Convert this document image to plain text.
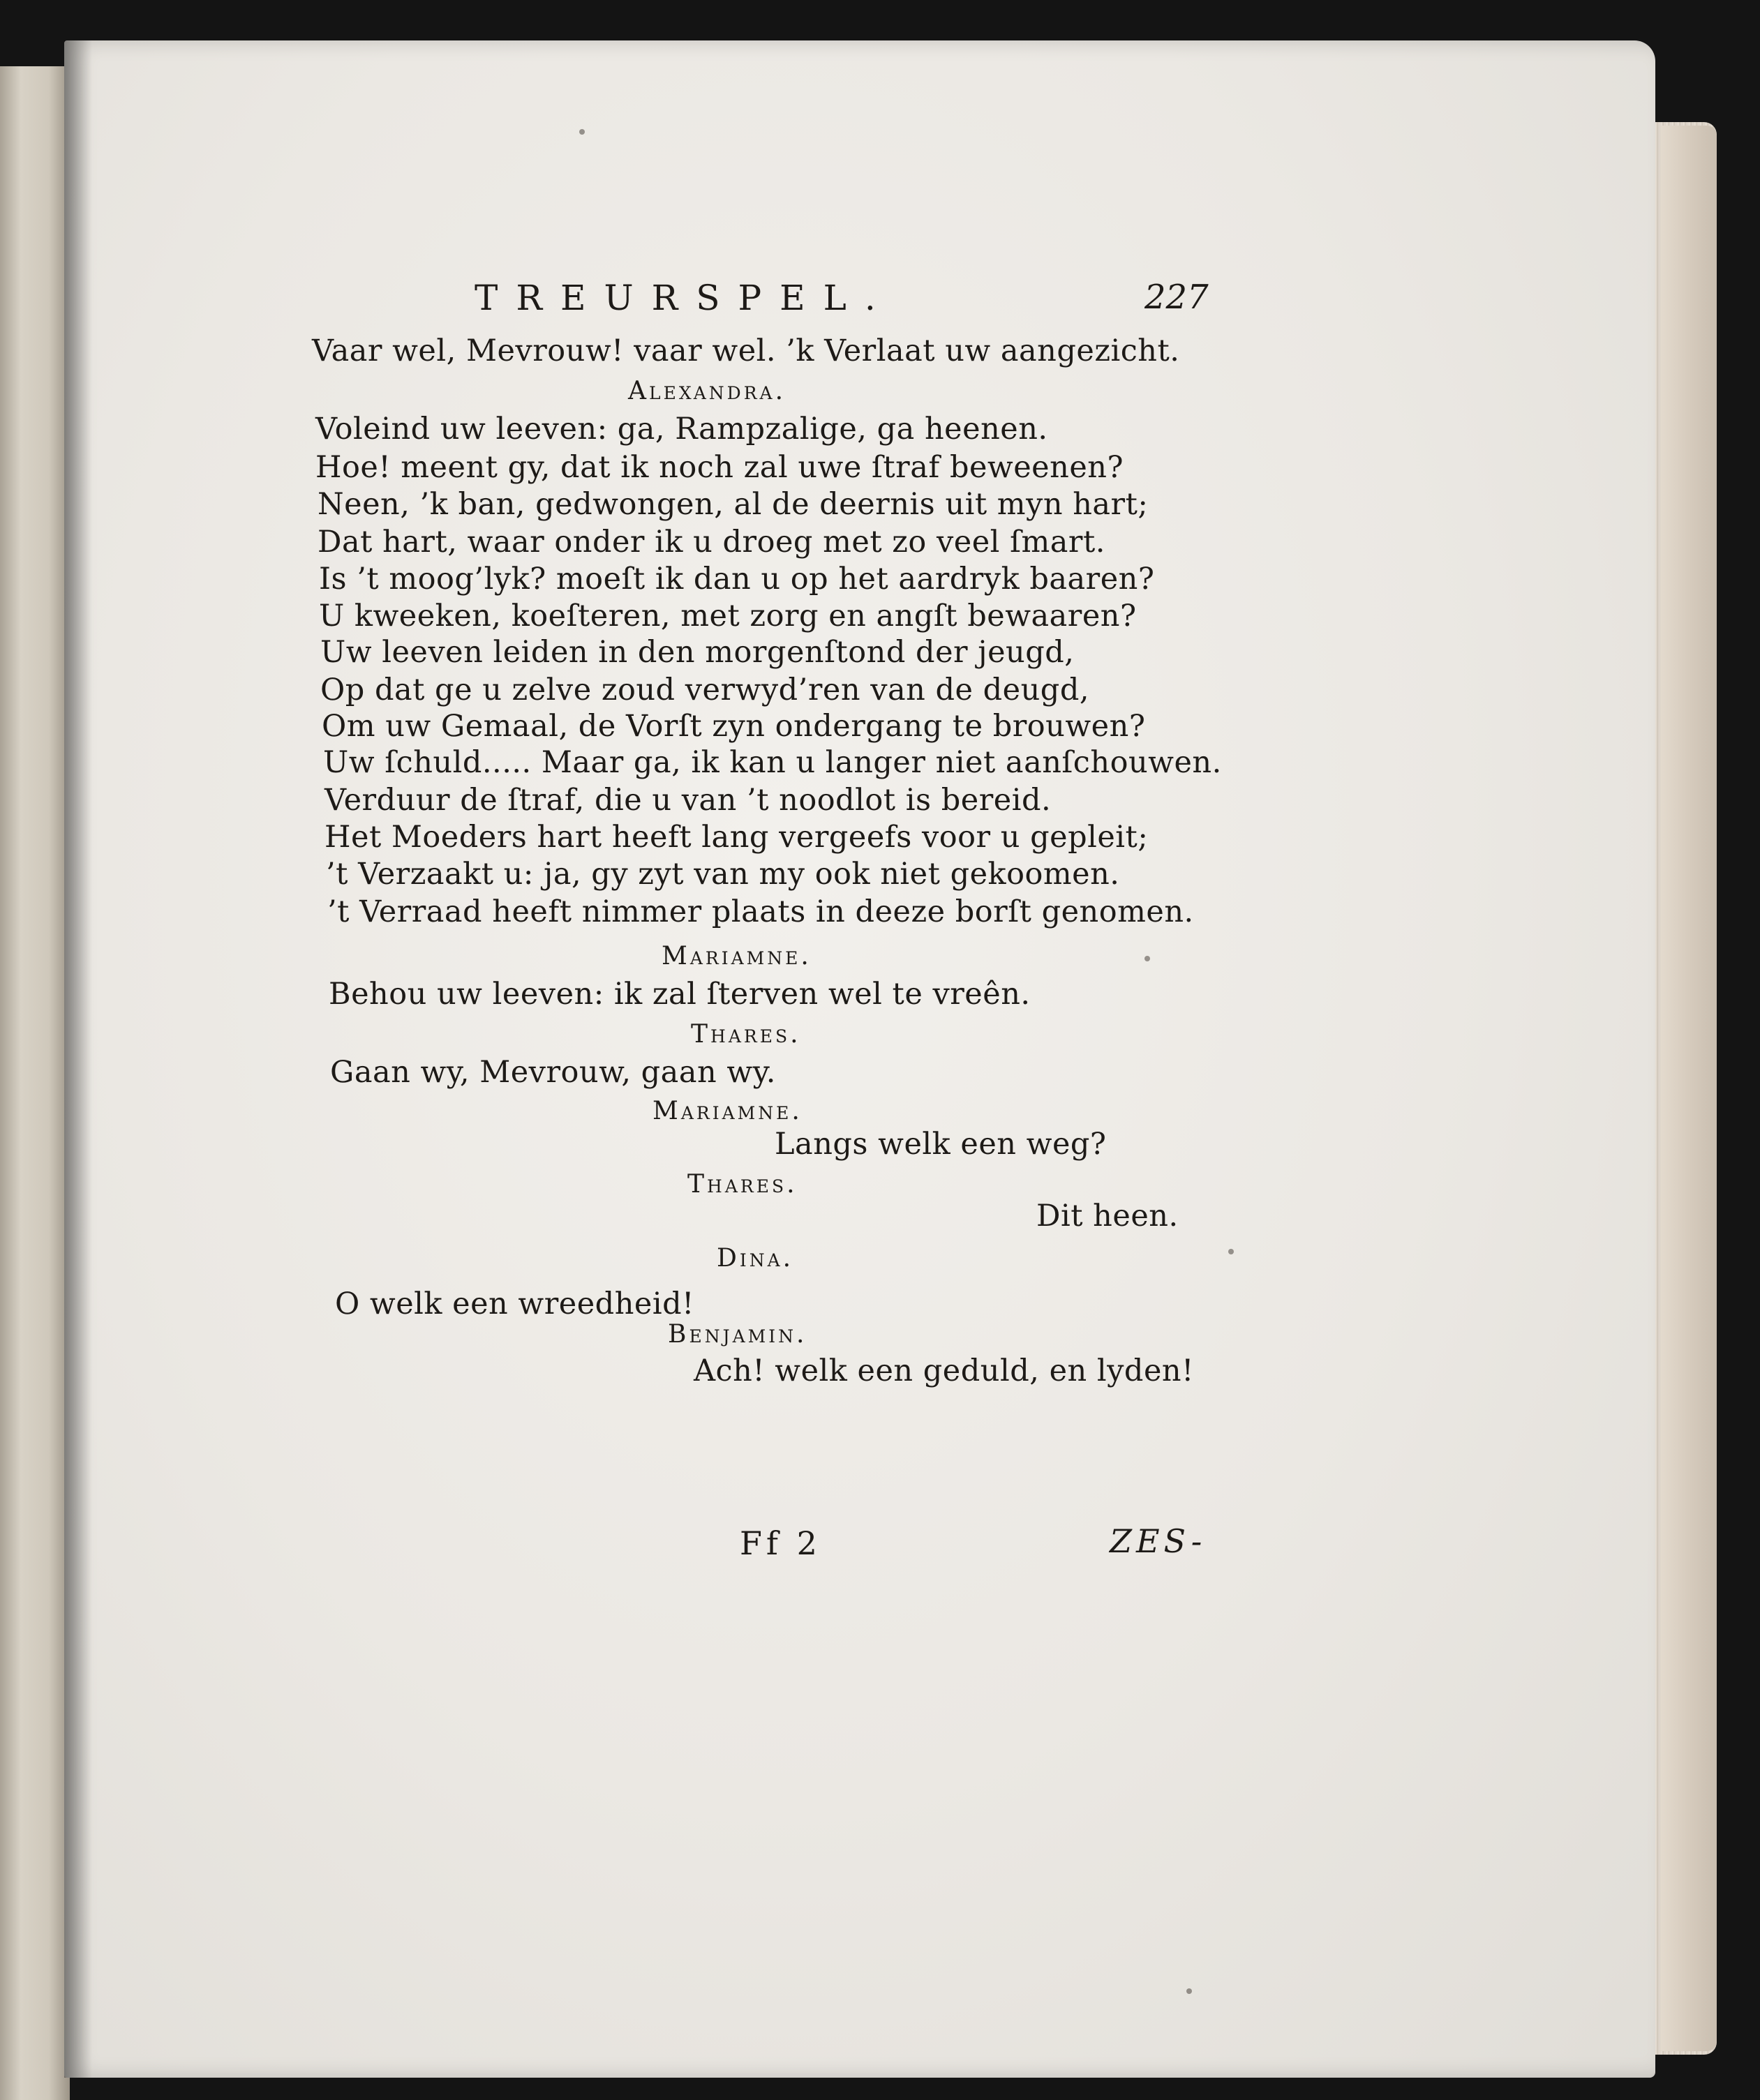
TREURSPEL.	227
Vaar wel, Mevrouw! vaar wel. ’k Verlaat uw aangezicht.
Alexandra.
Voleind uw leeven: ga, Rampzalige, ga heenen.
Hoe! meent gy, dat ik noch zal uwe ſtraf beweenen?
Neen, ’k ban, gedwongen, al de deernis uit myn hart;
Dat hart, waar onder ik u droeg met zo veel ſmart.
Is ’t moog’lyk? moeſt ik dan u op het aardryk baaren?
U kweeken, koeſteren, met zorg en angſt bewaaren?
Uw leeven leiden in den morgenſtond der jeugd,
Op dat ge u zelve zoud verwyd’ren van de deugd,
Om uw Gemaal, de Vorſt zyn ondergang te brouwen?
Uw ſchuld..... Maar ga, ik kan u langer niet aanſchouwen.
Verduur de ſtraf, die u van ’t noodlot is bereid.
Het Moeders hart heeft lang vergeefs voor u gepleit;
’t Verzaakt u: ja, gy zyt van my ook niet gekoomen.
’t Verraad heeft nimmer plaats in deeze borſt genomen.
Mariamne.
Behou uw leeven: ik zal ſterven wel te vreên.
Thares.
Gaan wy, Mevrouw, gaan wy.
Mariamne.
Langs welk een weg?
Thares.
Dit heen.
Dina.
O welk een wreedheid!
Benjamin.
Ach! welk een geduld, en lyden!
Ff 2	ZES-
